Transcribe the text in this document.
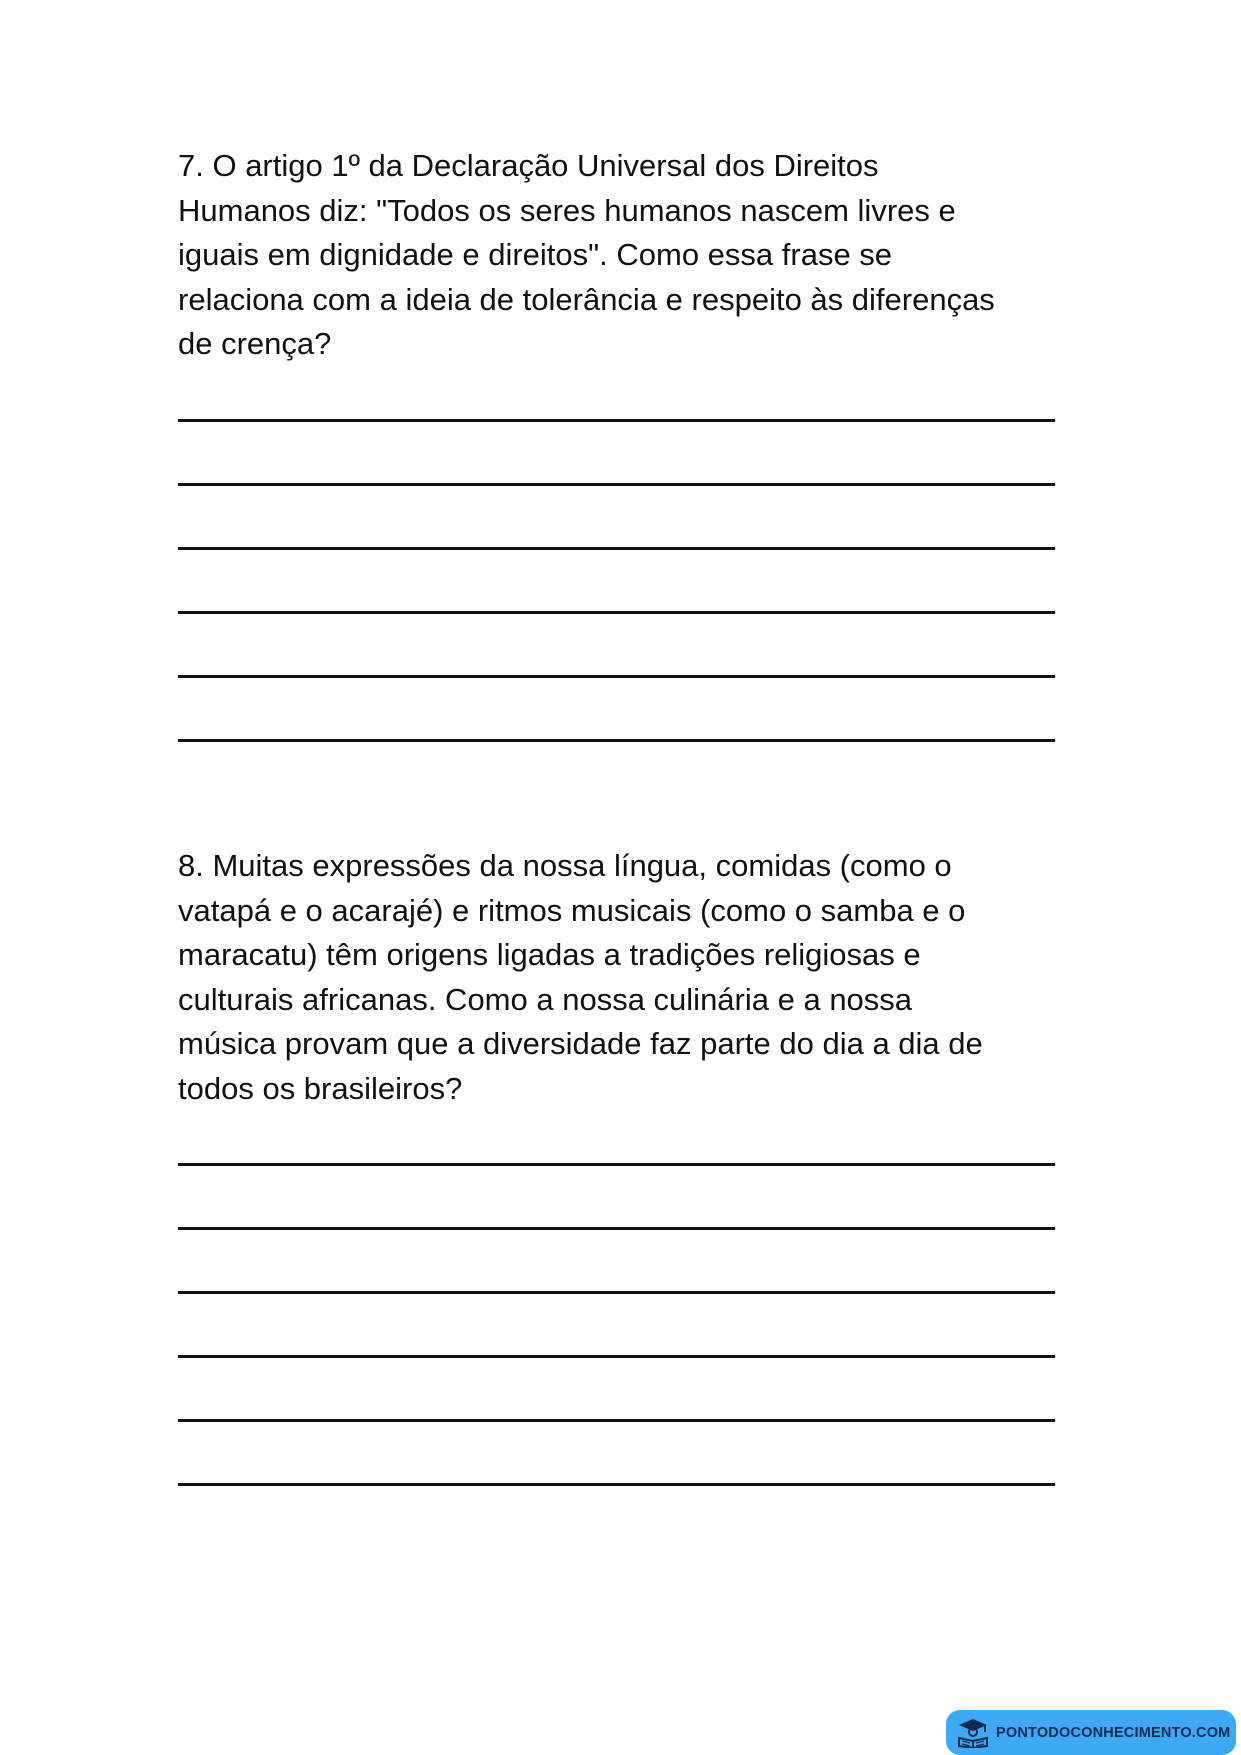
7. O artigo 1º da Declaração Universal dos Direitos
Humanos diz: "Todos os seres humanos nascem livres e
iguais em dignidade e direitos". Como essa frase se
relaciona com a ideia de tolerância e respeito às diferenças
de crença?
8. Muitas expressões da nossa língua, comidas (como o
vatapá e o acarajé) e ritmos musicais (como o samba e o
maracatu) têm origens ligadas a tradições religiosas e
culturais africanas. Como a nossa culinária e a nossa
música provam que a diversidade faz parte do dia a dia de
todos os brasileiros?
PONTODOCONHECIMENTO.COM
